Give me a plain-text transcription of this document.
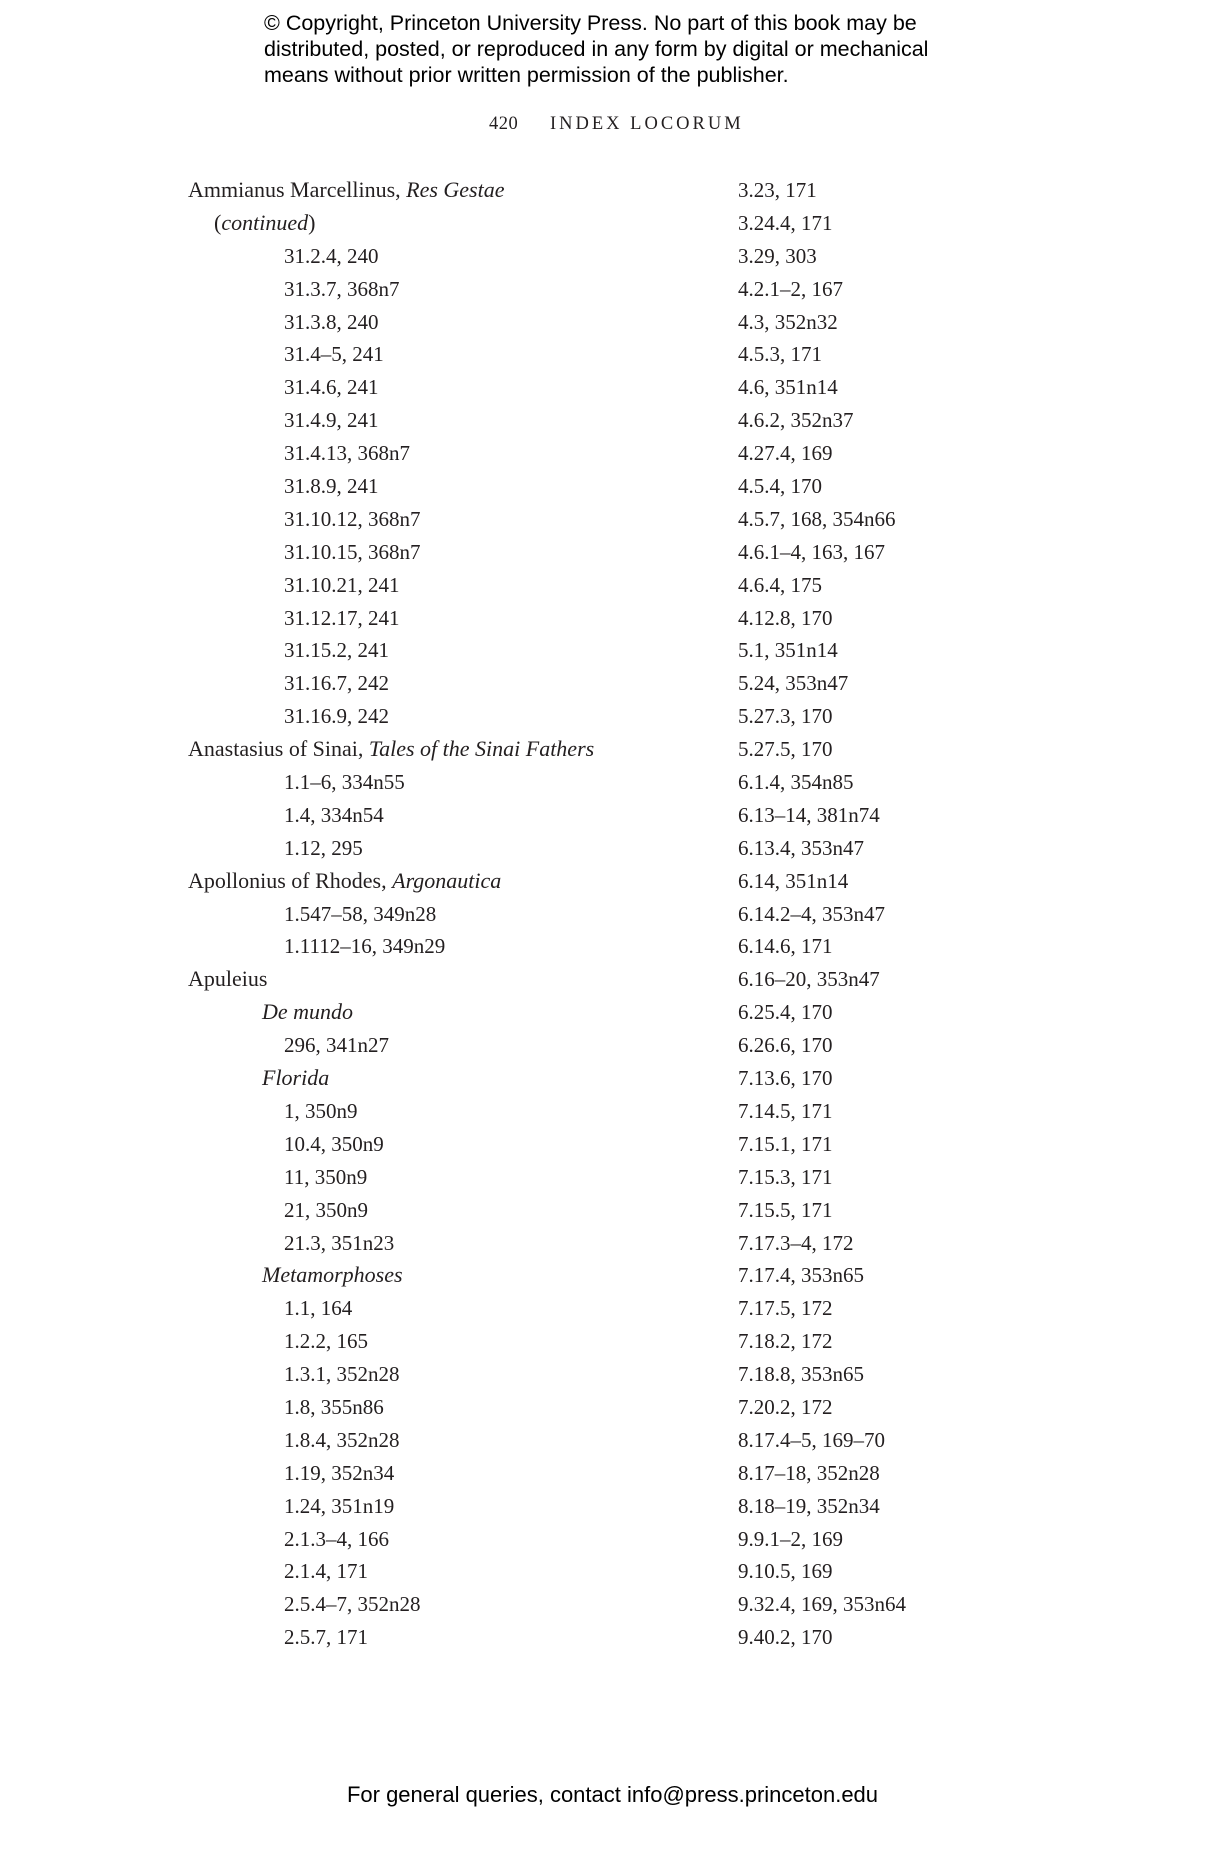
© Copyright, Princeton University Press. No part of this book may be
distributed, posted, or reproduced in any form by digital or mechanical
means without prior written permission of the publisher.
420 INDEX LOCORUM
Ammianus Marcellinus, Res Gestae
(continued)
31.2.4, 240
31.3.7, 368n7
31.3.8, 240
31.4–5, 241
31.4.6, 241
31.4.9, 241
31.4.13, 368n7
31.8.9, 241
31.10.12, 368n7
31.10.15, 368n7
31.10.21, 241
31.12.17, 241
31.15.2, 241
31.16.7, 242
31.16.9, 242
Anastasius of Sinai, Tales of the Sinai Fathers
1.1–6, 334n55
1.4, 334n54
1.12, 295
Apollonius of Rhodes, Argonautica
1.547–58, 349n28
1.1112–16, 349n29
Apuleius
De mundo
296, 341n27
Florida
1, 350n9
10.4, 350n9
11, 350n9
21, 350n9
21.3, 351n23
Metamorphoses
1.1, 164
1.2.2, 165
1.3.1, 352n28
1.8, 355n86
1.8.4, 352n28
1.19, 352n34
1.24, 351n19
2.1.3–4, 166
2.1.4, 171
2.5.4–7, 352n28
2.5.7, 171
3.23, 171
3.24.4, 171
3.29, 303
4.2.1–2, 167
4.3, 352n32
4.5.3, 171
4.6, 351n14
4.6.2, 352n37
4.27.4, 169
4.5.4, 170
4.5.7, 168, 354n66
4.6.1–4, 163, 167
4.6.4, 175
4.12.8, 170
5.1, 351n14
5.24, 353n47
5.27.3, 170
5.27.5, 170
6.1.4, 354n85
6.13–14, 381n74
6.13.4, 353n47
6.14, 351n14
6.14.2–4, 353n47
6.14.6, 171
6.16–20, 353n47
6.25.4, 170
6.26.6, 170
7.13.6, 170
7.14.5, 171
7.15.1, 171
7.15.3, 171
7.15.5, 171
7.17.3–4, 172
7.17.4, 353n65
7.17.5, 172
7.18.2, 172
7.18.8, 353n65
7.20.2, 172
8.17.4–5, 169–70
8.17–18, 352n28
8.18–19, 352n34
9.9.1–2, 169
9.10.5, 169
9.32.4, 169, 353n64
9.40.2, 170
For general queries, contact info@press.princeton.edu
